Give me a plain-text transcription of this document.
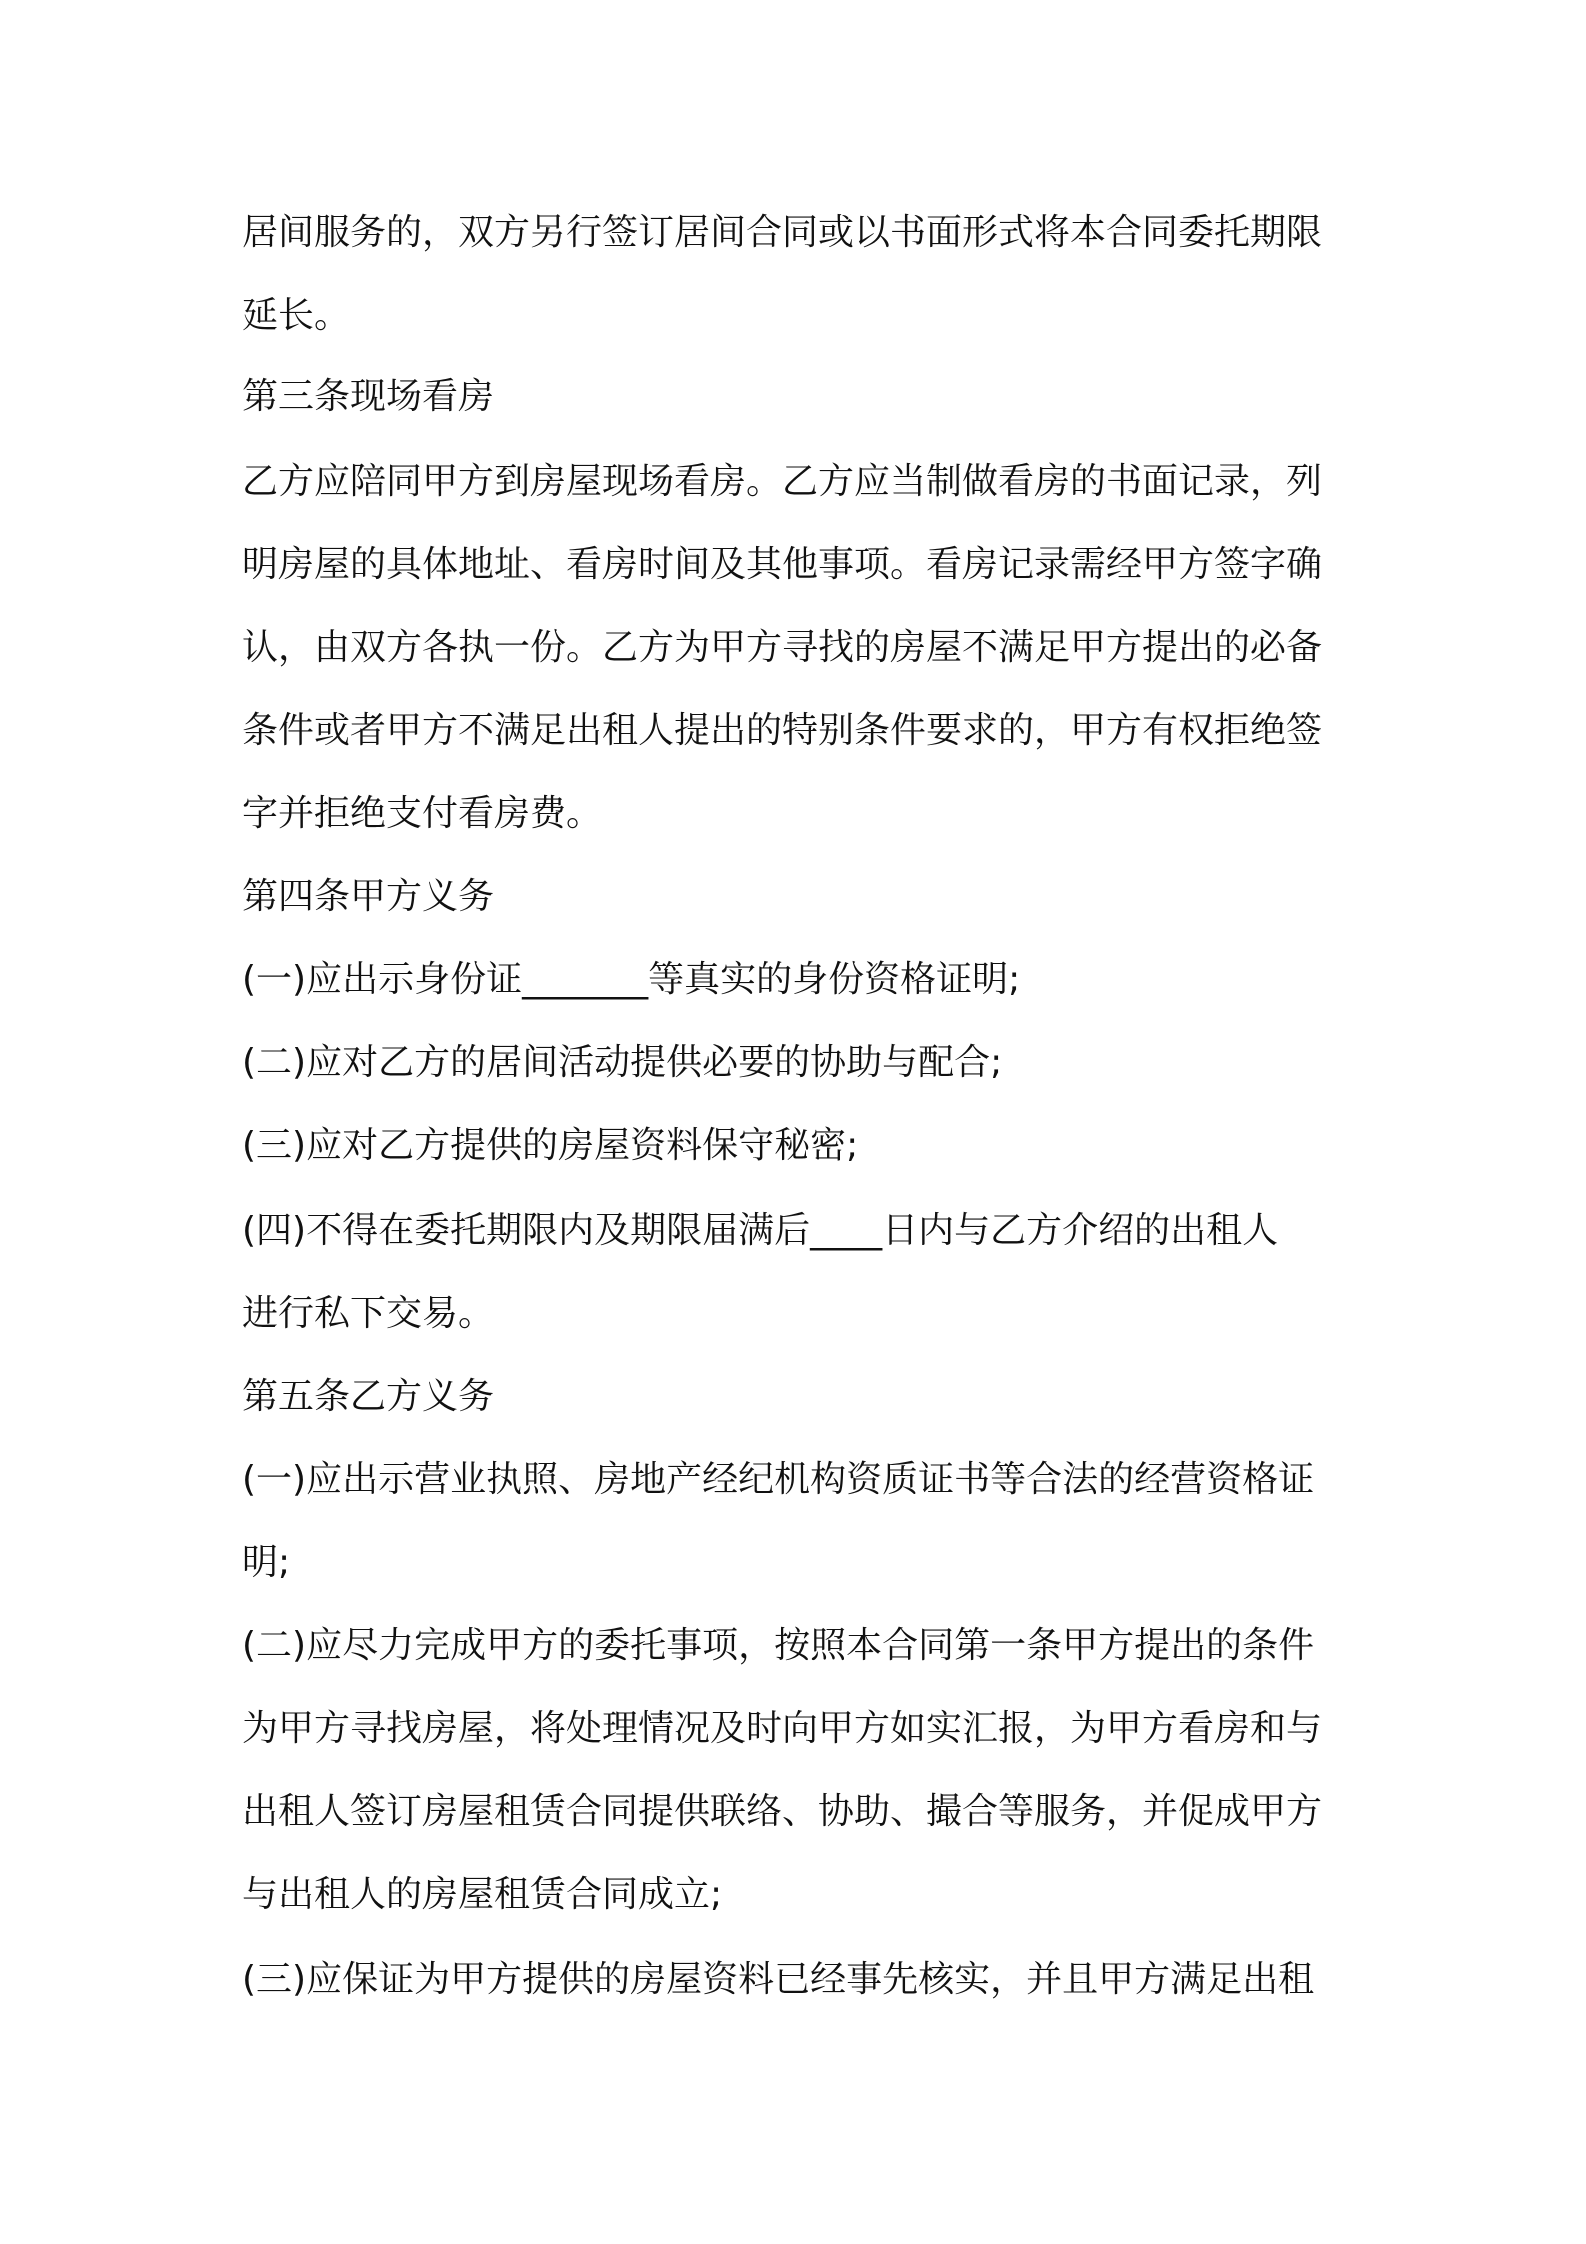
居间服务的，双方另行签订居间合同或以书面形式将本合同委托期限
延长。
第三条现场看房
乙方应陪同甲方到房屋现场看房。乙方应当制做看房的书面记录，列
明房屋的具体地址、看房时间及其他事项。看房记录需经甲方签字确
认，由双方各执一份。乙方为甲方寻找的房屋不满足甲方提出的必备
条件或者甲方不满足出租人提出的特别条件要求的，甲方有权拒绝签
字并拒绝支付看房费。
第四条甲方义务
(一)应出示身份证_______等真实的身份资格证明;
(二)应对乙方的居间活动提供必要的协助与配合;
(三)应对乙方提供的房屋资料保守秘密;
(四)不得在委托期限内及期限届满后____日内与乙方介绍的出租人
进行私下交易。
第五条乙方义务
(一)应出示营业执照、房地产经纪机构资质证书等合法的经营资格证
明;
(二)应尽力完成甲方的委托事项，按照本合同第一条甲方提出的条件
为甲方寻找房屋，将处理情况及时向甲方如实汇报，为甲方看房和与
出租人签订房屋租赁合同提供联络、协助、撮合等服务，并促成甲方
与出租人的房屋租赁合同成立;
(三)应保证为甲方提供的房屋资料已经事先核实，并且甲方满足出租
